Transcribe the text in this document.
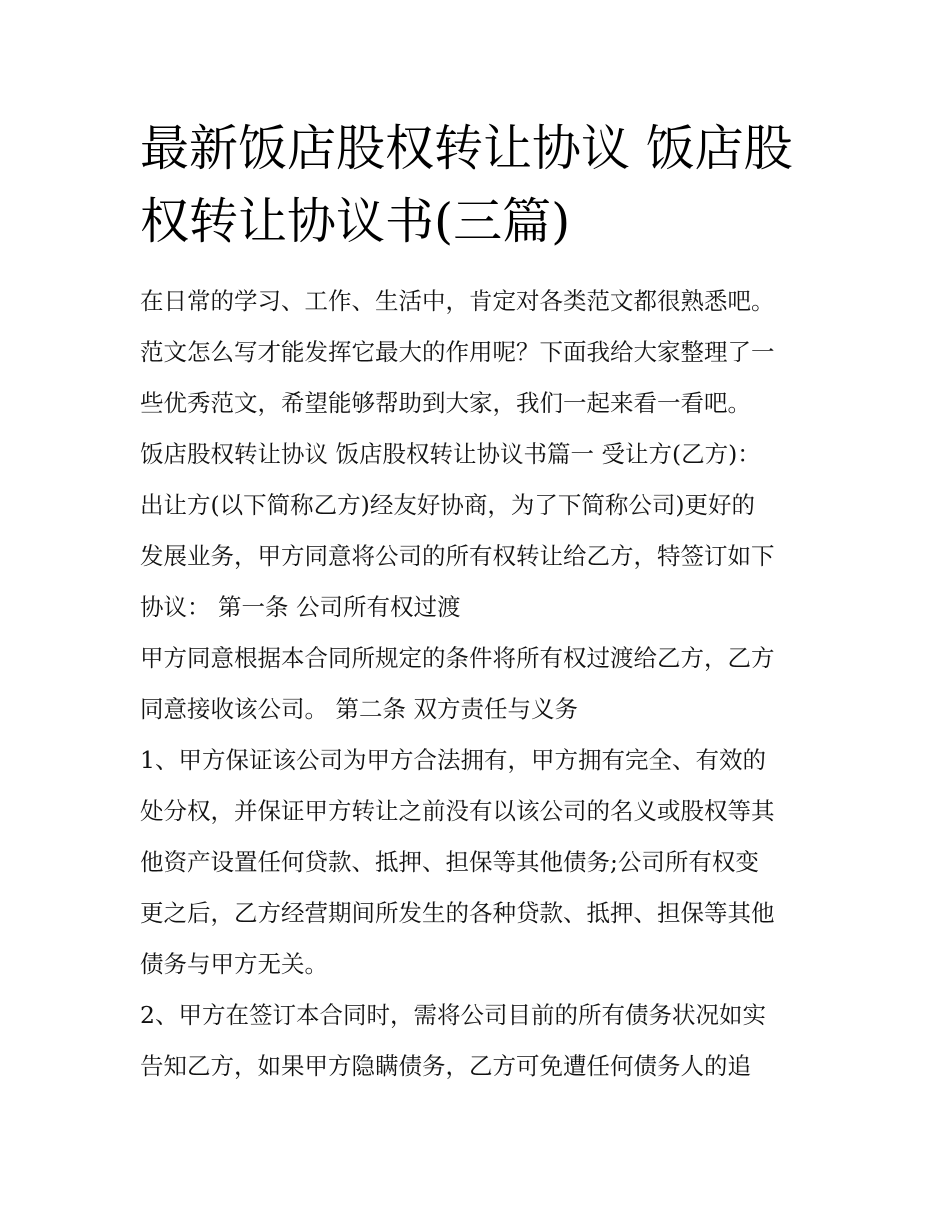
最新饭店股权转让协议 饭店股
权转让协议书(三篇)
在日常的学习、工作、生活中，肯定对各类范文都很熟悉吧。
范文怎么写才能发挥它最大的作用呢？下面我给大家整理了一
些优秀范文，希望能够帮助到大家，我们一起来看一看吧。
饭店股权转让协议 饭店股权转让协议书篇一 受让方(乙方)：
出让方(以下简称乙方)经友好协商，为了下简称公司)更好的
发展业务，甲方同意将公司的所有权转让给乙方，特签订如下
协议： 第一条 公司所有权过渡
甲方同意根据本合同所规定的条件将所有权过渡给乙方，乙方
同意接收该公司。 第二条 双方责任与义务
1、甲方保证该公司为甲方合法拥有，甲方拥有完全、有效的
处分权，并保证甲方转让之前没有以该公司的名义或股权等其
他资产设置任何贷款、抵押、担保等其他债务;公司所有权变
更之后，乙方经营期间所发生的各种贷款、抵押、担保等其他
债务与甲方无关。
2、甲方在签订本合同时，需将公司目前的所有债务状况如实
告知乙方，如果甲方隐瞒债务，乙方可免遭任何债务人的追
